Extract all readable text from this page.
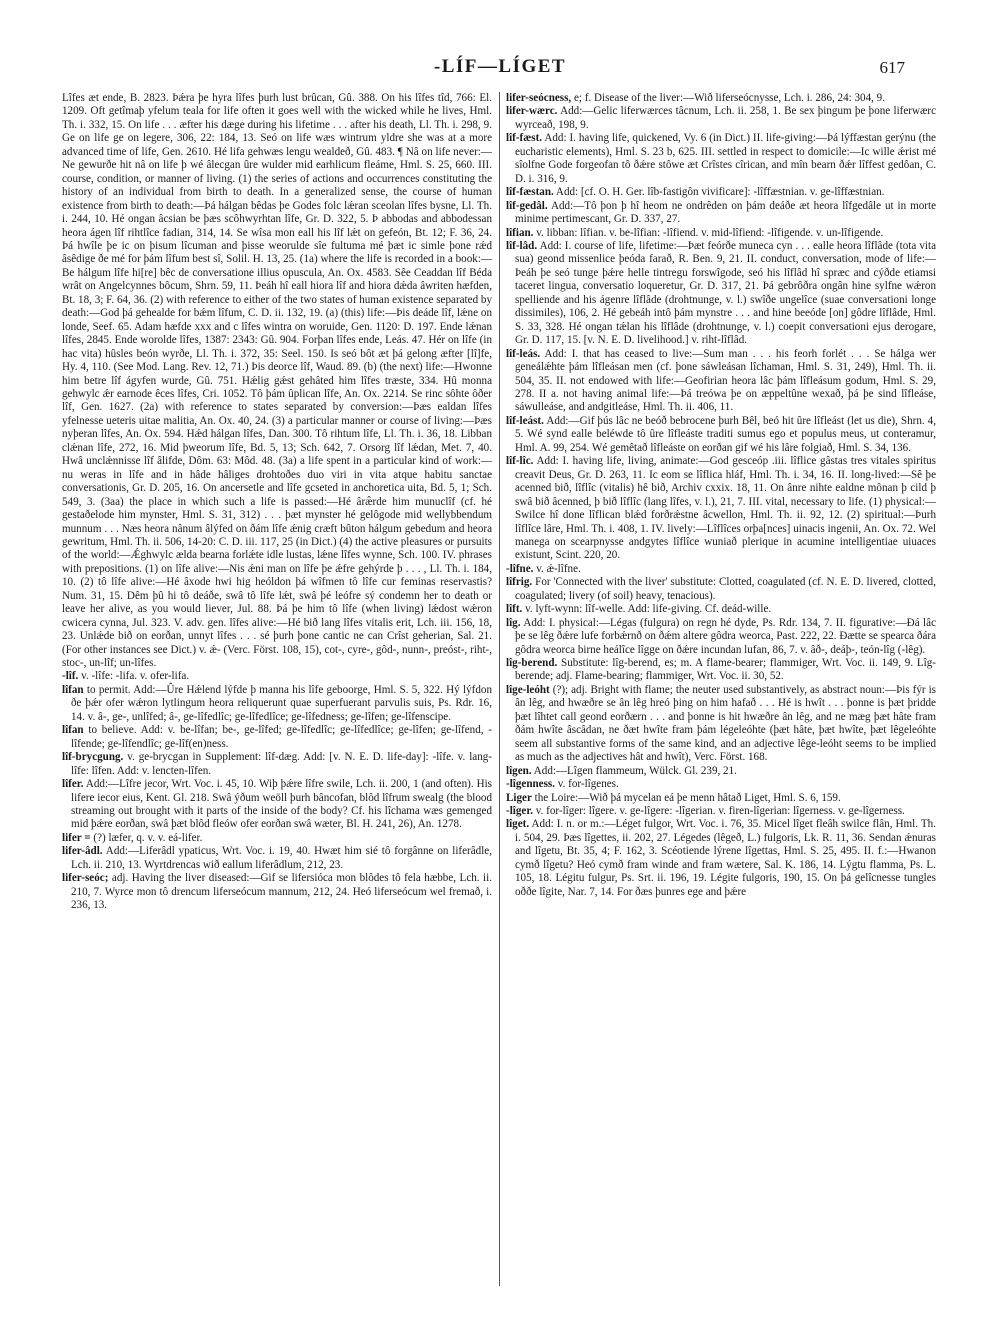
-LÍF—LÍGET	617

Lîfes æt ende, B. 2823. Þǽra þe hyra lîfes þurh lust brûcan, Gû. 388. On his lîfes tîd, 766: El. 1209. Oft getîmaþ yfelum teala for life often it goes well with the wicked while he lives, Hml. Th. i. 332, 15. On life . . . æfter his dæge during his lifetime . . . after his death, Ll. Th. i. 298, 9. Ge on life ge on legere, 306, 22: 184, 13. Seó on life wæs wintrum yldre she was at a more advanced time of life, Gen. 2610. Hé lifa gehwæs lengu wealdeð, Gû. 483. ¶ Nâ on life never:—Ne gewurðe hit nâ on life þ wé âlecgan ûre wulder mid earhlicum fleáme, Hml. S. 25, 660. III. course, condition, or manner of living. (1) the series of actions and occurrences constituting the history of an individual from birth to death. In a generalized sense, the course of human existence from birth to death:—Þá hálgan bêdas þe Godes folc lǽran sceolan lîfes bysne, Ll. Th. i. 244, 10. Hé ongan âcsian be þæs scôhwyrhtan lîfe, Gr. D. 322, 5. Þ abbodas and abbodessan heora ágen lîf rihtlîce fadian, 314, 14. Se wîsa mon eall his lîf lǽt on gefeón, Bt. 12; F. 36, 24. Þá hwîle þe ic on þisum lîcuman and þisse weoruldе sîe fultuma mé þæt ic simle þone rǽd âsêdige ðe mé for þám lîfum best sî, Solil. H. 13, 25. (1a) where the life is recorded in a book:—Be hálgum lîfe hi[re] bêc de conversatione illius opuscula, An. Ox. 4583. Sêe Ceaddan lîf Béda wrât on Angelcynnes bôcum, Shrn. 59, 11. Þeáh hî eall hiora lîf and hiora dǽda âwriten hæfden, Bt. 18, 3; F. 64, 36. (2) with reference to either of the two states of human existence separated by death:—God þá gehealde for bǽm lîfum, C. D. ii. 132, 19. (a) (this) life:—Þis deáde lîf, lǽne on londe, Seef. 65. Adam hæfde xxx and c lîfes wintra on woruide, Gen. 1120: D. 197. Ende lǽnan lîfes, 2845. Ende woroldе lîfes, 1387: 2343: Gû. 904. Forþan lîfes ende, Leás. 47. Hér on lîfe (in hac vita) hûsles beón wyrðe, Ll. Th. i. 372, 35: Seel. 150. Is seó bôt æt þá gelong æfter [lî]fe, Hy. 4, 110. (See Mod. Lang. Rev. 12, 71.) Þis deorce lîf, Waud. 89. (b) (the next) life:—Hwonne him betre lîf ágyfen wurde, Gû. 751. Hǽlig gǽst gehâted him lîfes træste, 334. Hû monna gehwylc ǽr earnode êces lîfes, Cri. 1052. Tô þám ûplican lîfe, An. Ox. 2214. Se rinc sôhte ôðer lîf, Gen. 1627. (2a) with reference to states separated by conversion:—Þæs ealdan lîfes yfelnesse ueteris uitae malitia, An. Ox. 40, 24. (3) a particular manner or course of living:—Þæs nyþeran lîfes, An. Ox. 594. Hǽd hálgan lîfes, Dan. 300. Tô rihtum lîfe, Ll. Th. i. 36, 18. Libban clǽnan lîfe, 272, 16. Mid þweorum lîfe, Bd. 5, 13; Sch. 642, 7. Orsorg lîf lǽdan, Met. 7, 40. Hwâ unclǽnnisse lîf âlifde, Dôm. 63: Môd. 48. (3a) a life spent in a particular kind of work:—nu weras in lîfe and in hâde hâliges drohtoðes duo viri in vita atque habitu sanctae conversationis, Gr. D. 205, 16. On ancersetle and lîfe gcseted in anchoretica uita, Bd. 5, 1; Sch. 549, 3. (3aa) the place in which such a life is passed:—Hé âræ̂rde him munuclîf (cf. hé gestaðelode him mynster, Hml. S. 31, 312) . . . þæt mynster hé gelôgode mid wellybbendum munnum . . . Næs heora nânum âlýfed on ðám lîfe ǽnig cræft bûton hálgum gebedum and heora gewritum, Hml. Th. ii. 506, 14-20: C. D. iii. 117, 25 (in Dict.) (4) the active pleasures or pursuits of the world:—Ǽghwylc ælda bearna forlǽte idle lustas, lǽne lîfes wynne, Sch. 100. IV. phrases with prepositions. (1) on lîfe alive:—Nis ǽni man on lîfe þe ǽfre gehýrde þ . . . , Ll. Th. i. 184, 10. (2) tô lîfe alive:—Hé âxode hwi hig heóldon þá wîfmen tô lîfe cur feminas reservastis? Num. 31, 15. Dêm þû hi tô deáðe, swâ tô lîfe lǽt, swâ þé leófre sý condemn her to death or leave her alive, as you would liever, Jul. 88. Þá þe him tô lîfe (when living) lǽdost wǽron cwicera cynna, Jul. 323. V. adv. gen. lîfes alive:—Hé bið lang lîfes vitalis erit, Lch. iii. 156, 18, 23. Unlǽde bið on eorðan, unnyt lîfes . . . sé þurh þone cantic ne can Crîst geherian, Sal. 21. (For other instances see Dict.) v. ǽ- (Verc. Först. 108, 15), cot-, cyre-, gôd-, nunn-, preóst-, riht-, stoc-, un-lîf; un-lîfes.

-lîf. v. -lîfe: -lifa. v. ofer-lifa.

lîfan to permit. Add:—Ûre Hǽlend lýfde þ manna his lîfe geboorge, Hml. S. 5, 322. Hý lýfdon ðe þǽr ofer wǽron lytlingum heora reliquerunt quae superfuerant parvulis suis, Ps. Rdr. 16, 14. v. â-, ge-, unlîfed; â-, ge-lîfedlîc; ge-lîfedlîce; ge-lîfedness; ge-lîfen; ge-lîfenscipe.

lîfan to believe. Add: v. be-lîfan; be-, ge-lîfed; ge-lîfedlîc; ge-lîfedlîce; ge-lîfen; ge-lîfend, -lîfende; ge-lîfendlîc; ge-lîf(en)ness.

lîf-brycgung. v. ge-brycgan in Supplement: lîf-dæg. Add: [v. N. E. D. life-day]: -lîfe. v. lang-lîfe: lîfen. Add: v. lencten-lîfen.

lîfer. Add:—Lîfre jecor, Wrt. Voc. i. 45, 10. Wiþ þǽre lîfre swile, Lch. ii. 200, 1 (and often). His lifere iecor eius, Kent. Gl. 218. Swâ ýðum weöll þurh bânсofan, blôd lîfrum swealg (the blood streaming out brought with it parts of the inside of the body? Cf. his lîchama wæs gemenged mid þǽre eorðan, swâ þæt blôd fleów ofer eorðan swâ wæter, Bl. H. 241, 26), An. 1278.

lifer = (?) læfer, q. v. v. eá-lifer.

lifer-âdl. Add:—Liferâdl ypaticus, Wrt. Voc. i. 19, 40. Hwæt him sié tô forgânne on liferâdle, Lch. ii. 210, 13. Wyrtdrencas wið eallum liferâdlum, 212, 23.

lifer-seóc; adj. Having the liver diseased:—Gif se lifersióca mon blôdes tô fela hæbbe, Lch. ii. 210, 7. Wyrce mon tô drencum lifersеócum mannum, 212, 24. Heó lifersеócum wel fremað, i. 236, 13.

lifer-seócness, e; f. Disease of the liver:—Wið lifersеócnysse, Lch. i. 286, 24: 304, 9.

lifer-wærc. Add:—Gelic liferwærces tâcnum, Lch. ii. 258, 1. Be sex þingum þe þone liferwærc wyrceað, 198, 9.

lîf-fæst. Add: I. having life, quickened, Vy. 6 (in Dict.) II. life-giving:—Þá lýffæstan gerýnu (the eucharistic elements), Hml. S. 23 b, 625. III. settled in respect to domicile:—Ic wille ǽrist mé sîolfne Gode forgeofan tô ðǽre stôwe æt Crîstes cîrican, and mîn bearn ðǽr lîffest gedôan, C. D. i. 316, 9.

lîf-fæstan. Add: [cf. O. H. Ger. lîb-fastigôn vivificare]: -lîffæstnian. v. ge-lîffæstnian.

lîf-gedâl. Add:—Tô þon þ hî heom ne ondrêden on þám deáðe æt heora lîfgedâle ut in morte minime pertimescant, Gr. D. 337, 27.

lîfian. v. libban: lîfian. v. be-lîfian: -lîfiend. v. mid-lîfiend: -lîfigende. v. un-lîfigende.

lîf-lâd. Add: I. course of life, lifetime:—Þæt feórðe muneca cyn . . . ealle heora lîflâde (tota vita sua) geond missenlice þeóda farað, R. Ben. 9, 21. II. conduct, conversation, mode of life:—Þeáh þe seó tunge þǽre helle tintregu forswîgode, seó his lîflâd hî spræc and cýðde etiamsi taceret lingua, conversatio loqueretur, Gr. D. 317, 21. Þá gebrôðra ongân hine sylfne wǽron spelliende and his ágenre lîflâde (drohtnunge, v. l.) swîðe ungelîce (suae conversationi longe dissimiles), 106, 2. Hé gebeáh intô þám mynstre . . . and hine beeóde [on] gôdre lîflâde, Hml. S. 33, 328. Hé ongan tǽlan his lîflâde (drohtnunge, v. l.) coepit conversationi ejus derogare, Gr. D. 117, 15. [v. N. E. D. livelihood.] v. riht-lîflâd.

lîf-leás. Add: I. that has ceased to live:—Sum man . . . his feorh forlét . . . Se hálga wer geneálǽhte þám lîfleásan men (cf. þone sáwleásan lîchaman, Hml. S. 31, 249), Hml. Th. ii. 504, 35. II. not endowed with life:—Geofirian heora lâc þám lîfleásum godum, Hml. S. 29, 278. II a. not having animal life:—Þá treówa þe on æppeltûne wexað, þá þe sind lîfleáse, sáwulleáse, and andgitleáse, Hml. Th. ii. 406, 11.

lîf-leást. Add:—Gif þús lâc ne beóð bebrocene þurh Bêl, beó hit ûre lîfleást (let us die), Shrn. 4, 5. Wé synd ealle beléwde tô ûre lîfleáste traditi sumus ego et populus meus, ut conteramur, Hml. A. 99, 254. Wé gemêtað lîfleáste on eorðan gif wé his lâre folgiað, Hml. S. 34, 136.

lîf-lîc. Add: I. having life, living, animate:—God gesceóp .iii. lîflice gâstas tres vitales spiritus creavit Deus, Gr. D. 263, 11. Ic eom se lîflica hláf, Hml. Th. i. 34, 16. II. long-lived:—Sê þe acenned bið, lîflîc (vitalis) hê bið, Archiv cxxix. 18, 11. On ânre nihte ealdne mônan þ cild þ swâ bið âcenned, þ bið lîflîc (lang lîfes, v. l.), 21, 7. III. vital, necessary to life. (1) physical:—Swilce hî done lîflican blǽd forðrǽstne âcwellon, Hml. Th. ii. 92, 12. (2) spiritual:—Þurh lîflîce lâre, Hml. Th. i. 408, 1. IV. lively:—Lîflîces orþa[nces] uinacis ingenii, An. Ox. 72. Wel manega on scearpnysse andgytes lîflîce wuniað plerique in acumine intelligentiae uiuaces existunt, Scint. 220, 20.

-lîfne. v. ǽ-lîfne.

lîfrig. For 'Connected with the liver' substitute: Clotted, coagulated (cf. N. E. D. livered, clotted, coagulated; livery (of soil) heavy, tenacious).

lîft. v. lyft-wynn: lîf-welle. Add: life-giving. Cf. deád-wille.

lîg. Add: I. physical:—Légas (fulgura) on regn hé dyde, Ps. Rdr. 134, 7. II. figurative:—Ðá lâc þe se lêg ðǽre lufe forbǽrnð on ðǽm altere gôdra weorca, Past. 222, 22. Ðætte se spearca ðára gôdra weorca birne heálîce lîgge on ðǽre incundan lufan, 86, 7. v. âð-, deáþ-, teón-lîg (-lêg).

lîg-berend. Substitute: lîg-berend, es; m. A flame-bearer; flammiger, Wrt. Voc. ii. 149, 9. Lîg-berende; adj. Flame-bearing; flammiger, Wrt. Voc. ii. 30, 52.

lîge-leóht (?); adj. Bright with flame; the neuter used substantively, as abstract noun:—Þis fýr is ân lêg, and hwæðre se ân lêg hreó þing on him hafað . . . Hé is hwît . . . þonne is þæt þridde þæt lîhtet call geond eorðærn . . . and þonne is hit hwæðre ân lêg, and ne mæg þæt hâte fram ðám hwîte âscâdan, ne ðæt hwîte fram þám légeleóhte (þæt hâte, þæt hwîte, þæt lêgeleóhte seem all substantive forms of the same kind, and an adjective lêge-leóht seems to be implied as much as the adjectives hât and hwît), Verc. Först. 168.

lîgen. Add:—Lîgen flammeum, Wülck. Gl. 239, 21.

-lîgenness. v. for-lîgenes.

Liger the Loire:—Wið þá mycelan eá þe menn hâtað Liget, Hml. S. 6, 159.

-lîger. v. for-lîger: lîgere. v. ge-lîgere: -lîgerian. v. firen-lîgerian: lîgerness. v. ge-lîgerness.

lîget. Add: I. n. or m.:—Léget fulgor, Wrt. Voc. i. 76, 35. Micel lîget fleâh swilce flân, Hml. Th. i. 504, 29. Þæs lîgettes, ii. 202, 27. Légedes (lêgeð, L.) fulgoris, Lk. R. 11, 36. Sendan ǽnuras and lîgetu, Bt. 35, 4; F. 162, 3. Scéotiende lýrene lîgettas, Hml. S. 25, 495. II. f.:—Hwanon cymð lîgetu? Heó cymð fram winde and fram wætere, Sal. K. 186, 14. Lýgtu flamma, Ps. L. 105, 18. Légitu fulgur, Ps. Srt. ii. 196, 19. Légite fulgoris, 190, 15. On þá gelîcnesse tungles oððe lîgite, Nar. 7, 14. For ðæs þunres ege and þǽre
